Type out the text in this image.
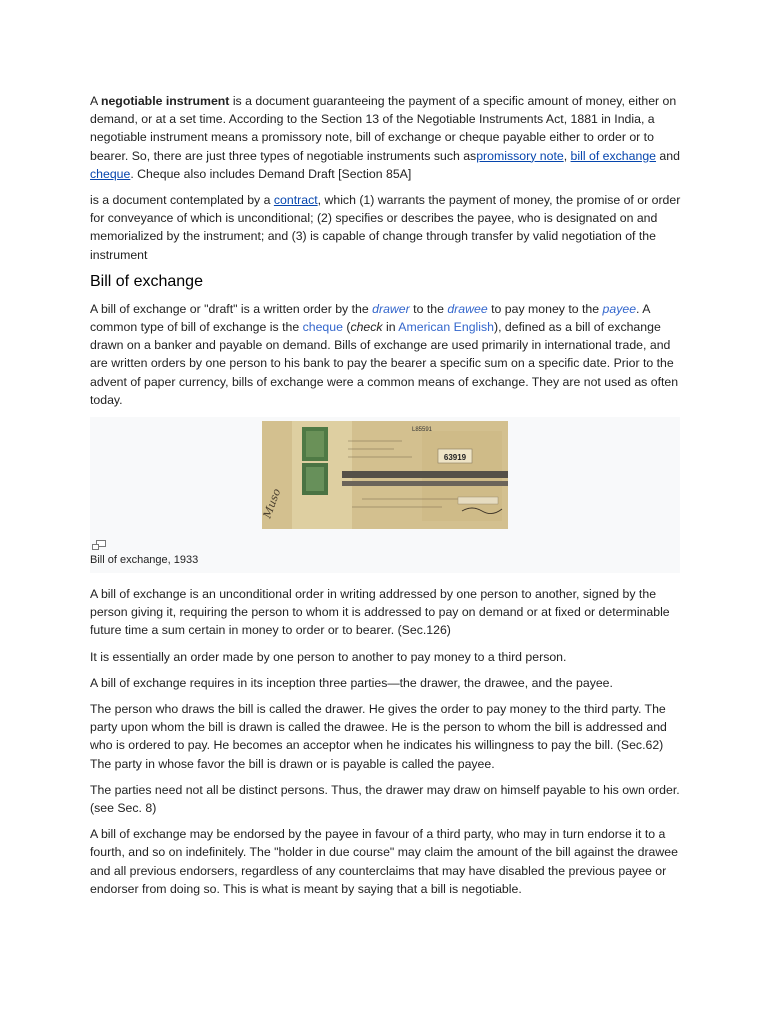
A negotiable instrument is a document guaranteeing the payment of a specific amount of money, either on demand, or at a set time. According to the Section 13 of the Negotiable Instruments Act, 1881 in India, a negotiable instrument means a promissory note, bill of exchange or cheque payable either to order or to bearer. So, there are just three types of negotiable instruments such aspromissory note, bill of exchange and cheque. Cheque also includes Demand Draft [Section 85A]

is a document contemplated by a contract, which (1) warrants the payment of money, the promise of or order for conveyance of which is unconditional; (2) specifies or describes the payee, who is designated on and memorialized by the instrument; and (3) is capable of change through transfer by valid negotiation of the instrument

Bill of exchange

A bill of exchange or "draft" is a written order by the drawer to the drawee to pay money to the payee. A common type of bill of exchange is the cheque (check in American English), defined as a bill of exchange drawn on a banker and payable on demand. Bills of exchange are used primarily in international trade, and are written orders by one person to his bank to pay the bearer a specific sum on a specific date. Prior to the advent of paper currency, bills of exchange were a common means of exchange. They are not used as often today.

63919
L85591
Muso
Bill of exchange, 1933

A bill of exchange is an unconditional order in writing addressed by one person to another, signed by the person giving it, requiring the person to whom it is addressed to pay on demand or at fixed or determinable future time a sum certain in money to order or to bearer. (Sec.126)

It is essentially an order made by one person to another to pay money to a third person.

A bill of exchange requires in its inception three parties—the drawer, the drawee, and the payee.

The person who draws the bill is called the drawer. He gives the order to pay money to the third party. The party upon whom the bill is drawn is called the drawee. He is the person to whom the bill is addressed and who is ordered to pay. He becomes an acceptor when he indicates his willingness to pay the bill. (Sec.62) The party in whose favor the bill is drawn or is payable is called the payee.

The parties need not all be distinct persons. Thus, the drawer may draw on himself payable to his own order. (see Sec. 8)

A bill of exchange may be endorsed by the payee in favour of a third party, who may in turn endorse it to a fourth, and so on indefinitely. The "holder in due course" may claim the amount of the bill against the drawee and all previous endorsers, regardless of any counterclaims that may have disabled the previous payee or endorser from doing so. This is what is meant by saying that a bill is negotiable.
